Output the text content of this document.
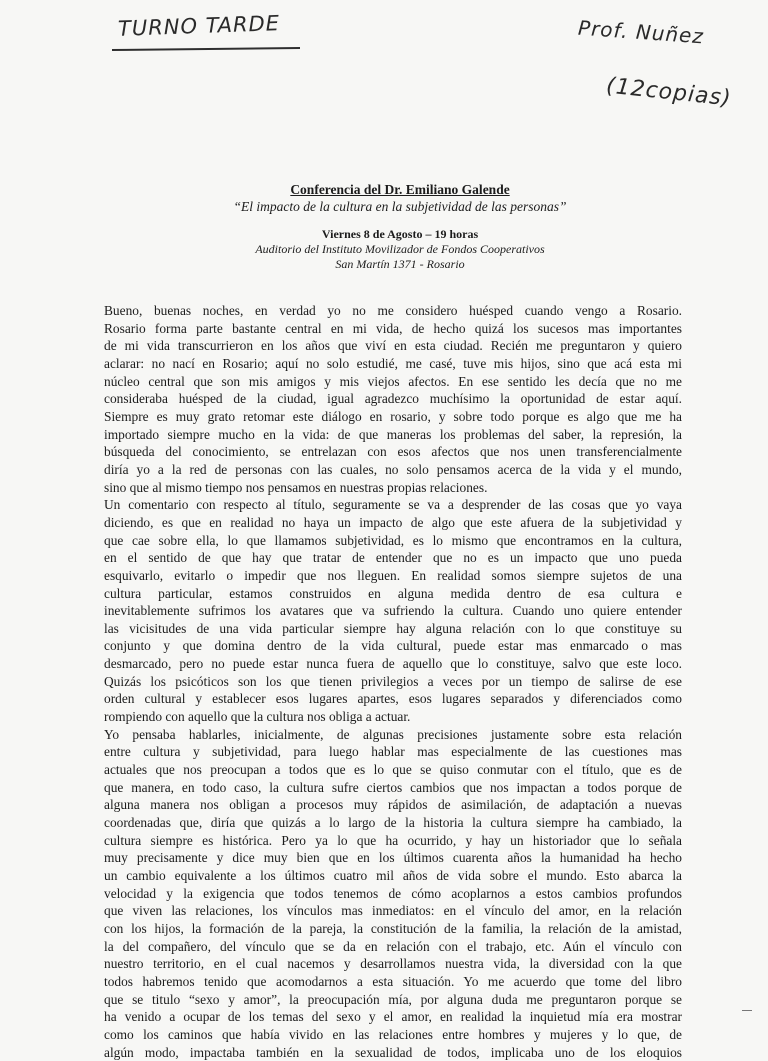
TURNO TARDE	Prof. Nuñez
(12copias)
Conferencia del Dr. Emiliano Galende
“El impacto de la cultura en la subjetividad de las personas”
Viernes 8 de Agosto – 19 horas
Auditorio del Instituto Movilizador de Fondos Cooperativos
San Martín 1371 - Rosario
Bueno, buenas noches, en verdad yo no me considero huésped cuando vengo a Rosario.
Rosario forma parte bastante central en mi vida, de hecho quizá los sucesos mas importantes
de mi vida transcurrieron en los años que viví en esta ciudad. Recién me preguntaron y quiero
aclarar: no nací en Rosario; aquí no solo estudié, me casé, tuve mis hijos, sino que acá esta mi
núcleo central que son mis amigos y mis viejos afectos. En ese sentido les decía que no me
consideraba huésped de la ciudad, igual agradezco muchísimo la oportunidad de estar aquí.
Siempre es muy grato retomar este diálogo en rosario, y sobre todo porque es algo que me ha
importado siempre mucho en la vida: de que maneras los problemas del saber, la represión, la
búsqueda del conocimiento, se entrelazan con esos afectos que nos unen transferencialmente
diría yo a la red de personas con las cuales, no solo pensamos acerca de la vida y el mundo,
sino que al mismo tiempo nos pensamos en nuestras propias relaciones.
Un comentario con respecto al título, seguramente se va a desprender de las cosas que yo vaya
diciendo, es que en realidad no haya un impacto de algo que este afuera de la subjetividad y
que cae sobre ella, lo que llamamos subjetividad, es lo mismo que encontramos en la cultura,
en el sentido de que hay que tratar de entender que no es un impacto que uno pueda
esquivarlo, evitarlo o impedir que nos lleguen. En realidad somos siempre sujetos de una
cultura particular, estamos construidos en alguna medida dentro de esa cultura e
inevitablemente sufrimos los avatares que va sufriendo la cultura. Cuando uno quiere entender
las vicisitudes de una vida particular siempre hay alguna relación con lo que constituye su
conjunto y que domina dentro de la vida cultural, puede estar mas enmarcado o mas
desmarcado, pero no puede estar nunca fuera de aquello que lo constituye, salvo que este loco.
Quizás los psicóticos son los que tienen privilegios a veces por un tiempo de salirse de ese
orden cultural y establecer esos lugares apartes, esos lugares separados y diferenciados como
rompiendo con aquello que la cultura nos obliga a actuar.
Yo pensaba hablarles, inicialmente, de algunas precisiones justamente sobre esta relación
entre cultura y subjetividad, para luego hablar mas especialmente de las cuestiones mas
actuales que nos preocupan a todos que es lo que se quiso conmutar con el título, que es de
que manera, en todo caso, la cultura sufre ciertos cambios que nos impactan a todos porque de
alguna manera nos obligan a procesos muy rápidos de asimilación, de adaptación a nuevas
coordenadas que, diría que quizás a lo largo de la historia la cultura siempre ha cambiado, la
cultura siempre es histórica. Pero ya lo que ha ocurrido, y hay un historiador que lo señala
muy precisamente y dice muy bien que en los últimos cuarenta años la humanidad ha hecho
un cambio equivalente a los últimos cuatro mil años de vida sobre el mundo. Esto abarca la
velocidad y la exigencia que todos tenemos de cómo acoplarnos a estos cambios profundos
que viven las relaciones, los vínculos mas inmediatos: en el vínculo del amor, en la relación
con los hijos, la formación de la pareja, la constitución de la familia, la relación de la amistad,
la del compañero, del vínculo que se da en relación con el trabajo, etc. Aún el vínculo con
nuestro territorio, en el cual nacemos y desarrollamos nuestra vida, la diversidad con la que
todos habremos tenido que acomodarnos a esta situación. Yo me acuerdo que tome del libro
que se titulo “sexo y amor”, la preocupación mía, por alguna duda me preguntaron porque se
ha venido a ocupar de los temas del sexo y el amor, en realidad la inquietud mía era mostrar
como los caminos que había vivido en las relaciones entre hombres y mujeres y lo que, de
algún modo, impactaba también en la sexualidad de todos, implicaba uno de los eloquios
